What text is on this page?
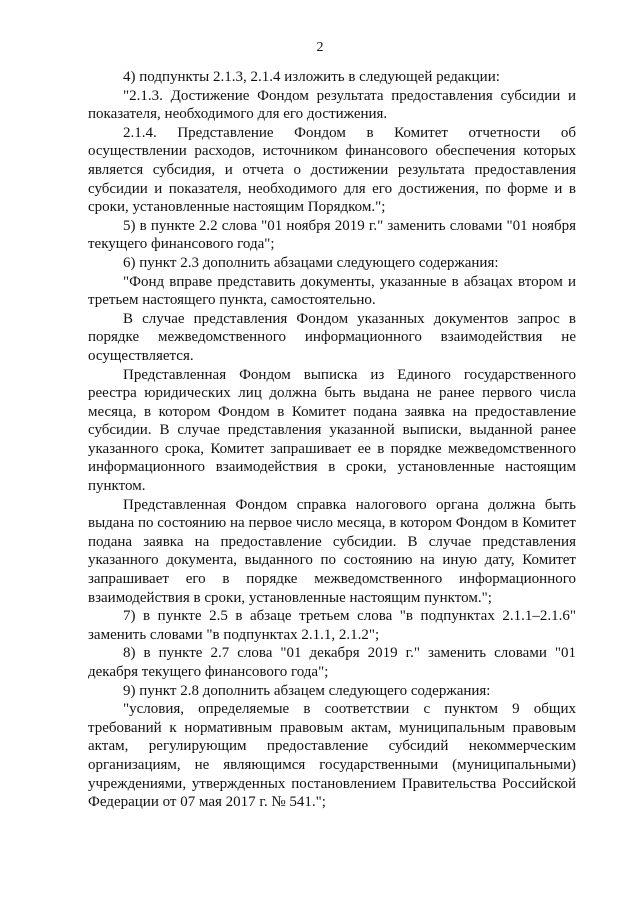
2

4) подпункты 2.1.3, 2.1.4 изложить в следующей редакции:

"2.1.3. Достижение Фондом результата предоставления субсидии и показателя, необходимого для его достижения.

2.1.4. Представление Фондом в Комитет отчетности об осуществлении расходов, источником финансового обеспечения которых является субсидия, и отчета о достижении результата предоставления субсидии и показателя, необходимого для его достижения, по форме и в сроки, установленные настоящим Порядком.";

5) в пункте 2.2 слова "01 ноября 2019 г." заменить словами "01 ноября текущего финансового года";

6) пункт 2.3 дополнить абзацами следующего содержания:

"Фонд вправе представить документы, указанные в абзацах втором и третьем настоящего пункта, самостоятельно.

В случае представления Фондом указанных документов запрос в порядке межведомственного информационного взаимодействия не осуществляется.

Представленная Фондом выписка из Единого государственного реестра юридических лиц должна быть выдана не ранее первого числа месяца, в котором Фондом в Комитет подана заявка на предоставление субсидии. В случае представления указанной выписки, выданной ранее указанного срока, Комитет запрашивает ее в порядке межведомственного информационного взаимодействия в сроки, установленные настоящим пунктом.

Представленная Фондом справка налогового органа должна быть выдана по состоянию на первое число месяца, в котором Фондом в Комитет подана заявка на предоставление субсидии. В случае представления указанного документа, выданного по состоянию на иную дату, Комитет запрашивает его в порядке межведомственного информационного взаимодействия в сроки, установленные настоящим пунктом.";

7) в пункте 2.5 в абзаце третьем слова "в подпунктах 2.1.1–2.1.6" заменить словами "в подпунктах 2.1.1, 2.1.2";

8) в пункте 2.7 слова "01 декабря 2019 г." заменить словами "01 декабря текущего финансового года";

9) пункт 2.8 дополнить абзацем следующего содержания:

"условия, определяемые в соответствии с пунктом 9 общих требований к нормативным правовым актам, муниципальным правовым актам, регулирующим предоставление субсидий некоммерческим организациям, не являющимся государственными (муниципальными) учреждениями, утвержденных постановлением Правительства Российской Федерации от 07 мая 2017 г. № 541.";
